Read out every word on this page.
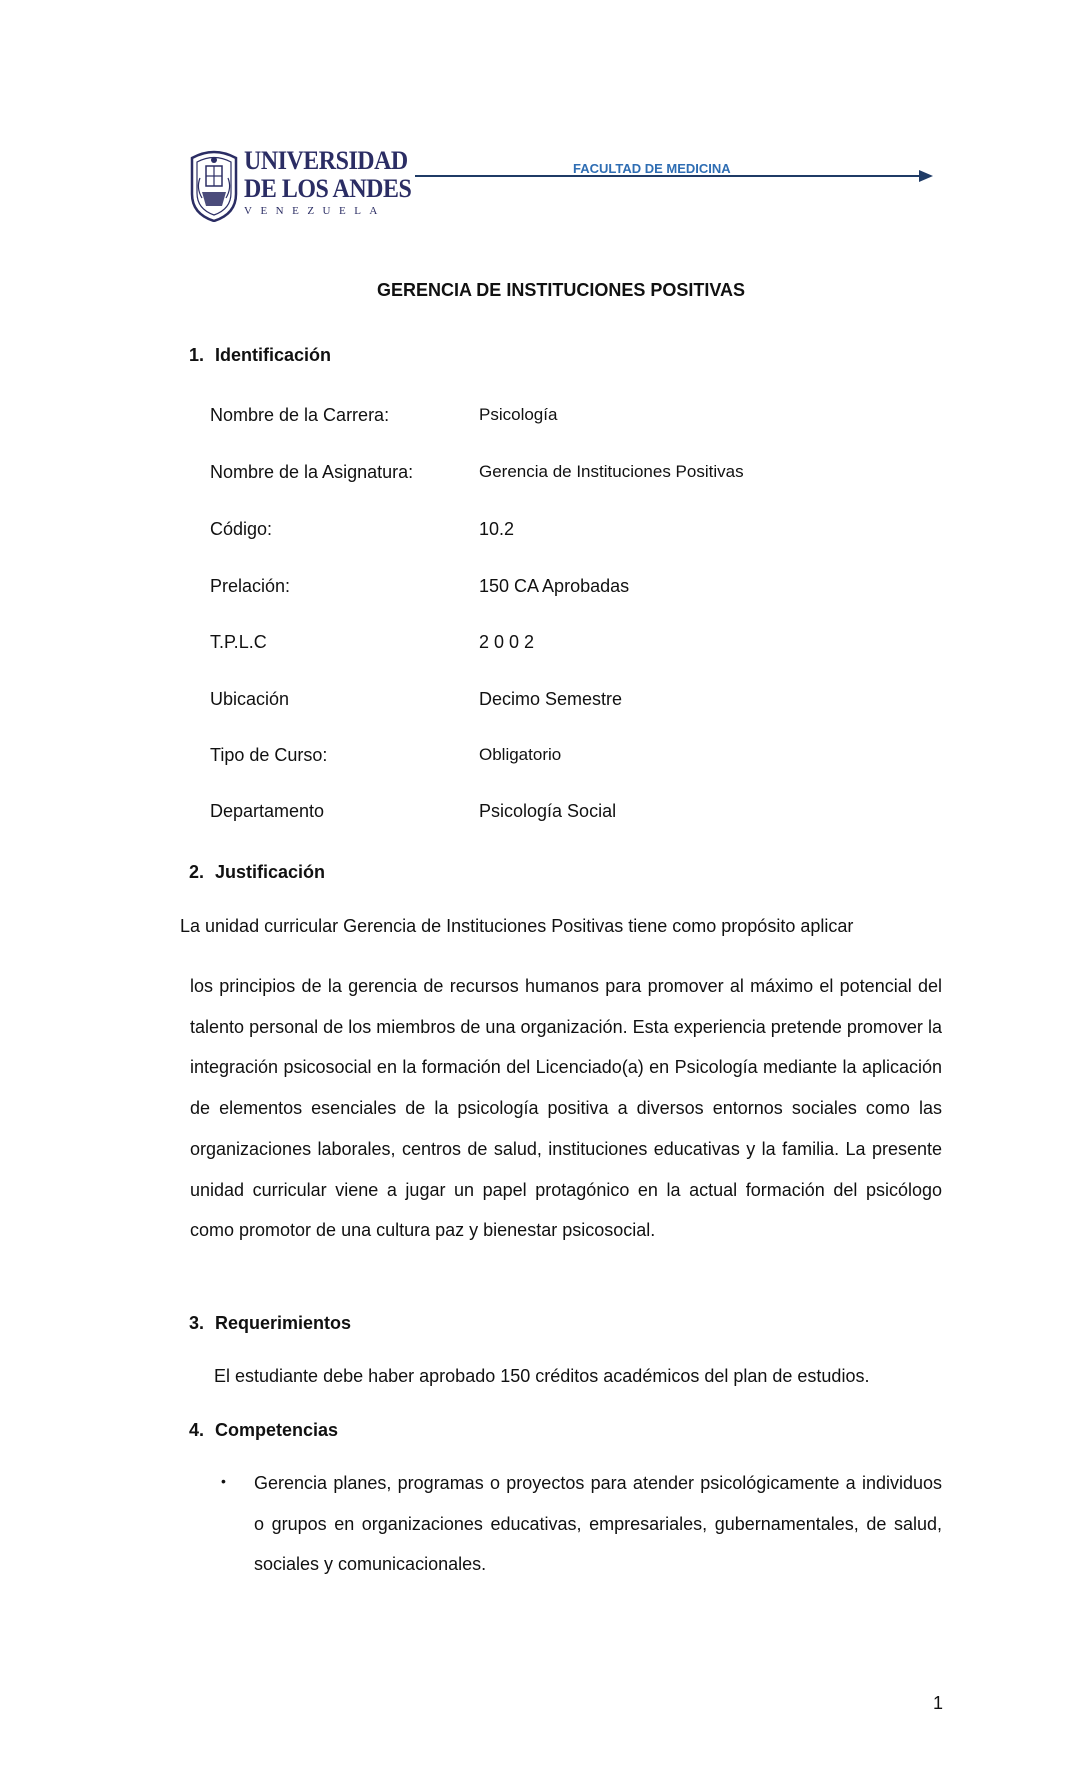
UNIVERSIDAD
DE LOS ANDES
VENEZUELA
FACULTAD DE MEDICINA
GERENCIA DE INSTITUCIONES POSITIVAS
1. Identificación
Nombre de la Carrera:	Psicología
Nombre de la Asignatura:	Gerencia de Instituciones Positivas
Código:	10.2
Prelación:	150 CA Aprobadas
T.P.L.C	2 0 0 2
Ubicación	Decimo Semestre
Tipo de Curso:	Obligatorio
Departamento	Psicología Social
2. Justificación
La unidad curricular Gerencia de Instituciones Positivas tiene como propósito aplicar
los principios de la gerencia de recursos humanos para promover al máximo el potencial del talento personal de los miembros de una organización. Esta experiencia pretende promover la integración psicosocial en la formación del Licenciado(a) en Psicología mediante la aplicación de elementos esenciales de la psicología positiva a diversos entornos sociales como las organizaciones laborales, centros de salud, instituciones educativas y la familia. La presente unidad curricular viene a jugar un papel protagónico en la actual formación del psicólogo como promotor de una cultura paz y bienestar psicosocial.
3. Requerimientos
El estudiante debe haber aprobado 150 créditos académicos del plan de estudios.
4. Competencias
• Gerencia planes, programas o proyectos para atender psicológicamente a individuos o grupos en organizaciones educativas, empresariales, gubernamentales, de salud, sociales y comunicacionales.
1
